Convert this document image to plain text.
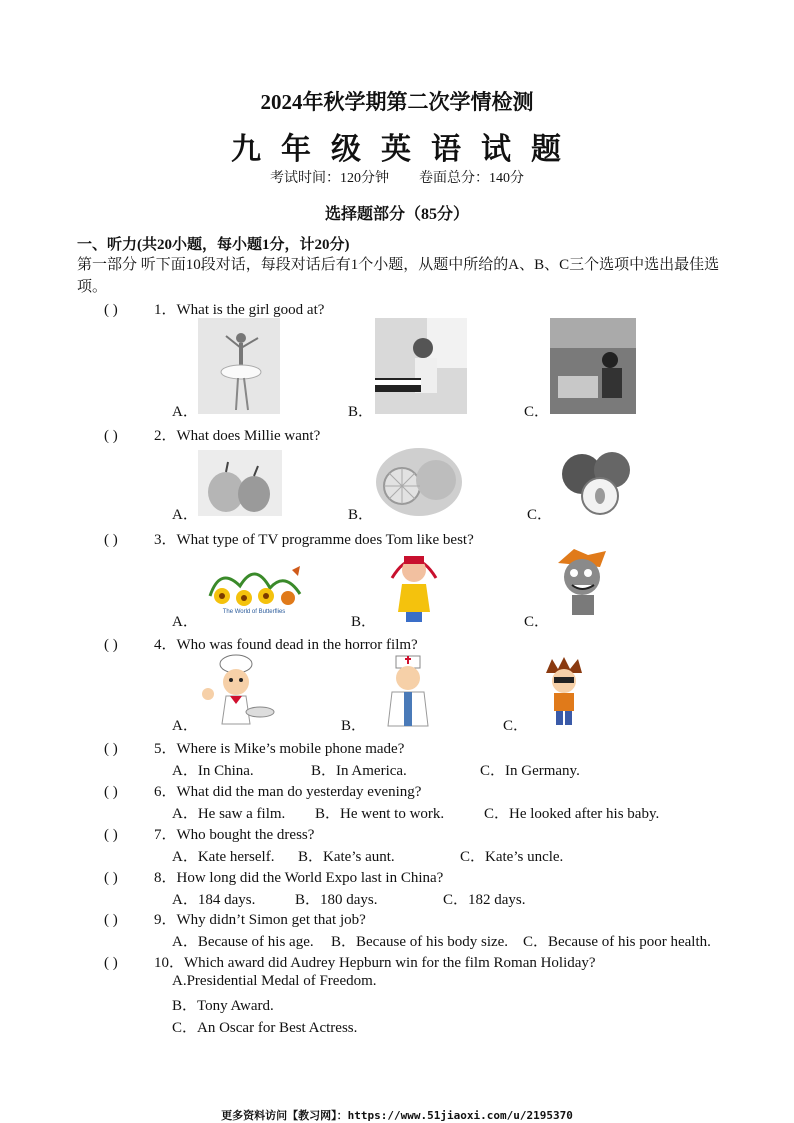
2024年秋学期第二次学情检测
九年级英语试题
考试时间：120分钟 卷面总分：140分
选择题部分（85分）
一、听力(共20小题，每小题1分，计20分)
第一部分 听下面10段对话，每段对话后有1个小题，从题中所给的A、B、C三个选项中选出最佳选项。
( ) 1．What is the girl good at?
A．	B．	C．
( ) 2．What does Millie want?
A．	B．	C．
( ) 3．What type of TV programme does Tom like best?
A．	B．	C．
The World of Butterflies
( ) 4．Who was found dead in the horror film?
A．	B．	C．
( ) 5．Where is Mike’s mobile phone made?
A．In China.	B．In America.	C．In Germany.
( ) 6．What did the man do yesterday evening?
A．He saw a film. B．He went to work.	C．He looked after his baby.
( ) 7．Who bought the dress?
A．Kate herself. B．Kate’s aunt.	C．Kate’s uncle.
( ) 8．How long did the World Expo last in China?
A．184 days.	B．180 days.	C．182 days.
( ) 9．Why didn’t Simon get that job?
A．Because of his age. B．Because of his body size. C．Because of his poor health.
( ) 10．Which award did Audrey Hepburn win for the film Roman Holiday?
A.Presidential Medal of Freedom.
B．Tony Award.
C．An Oscar for Best Actress.
更多资料访问【教习网】：https://www.51jiaoxi.com/u/2195370
